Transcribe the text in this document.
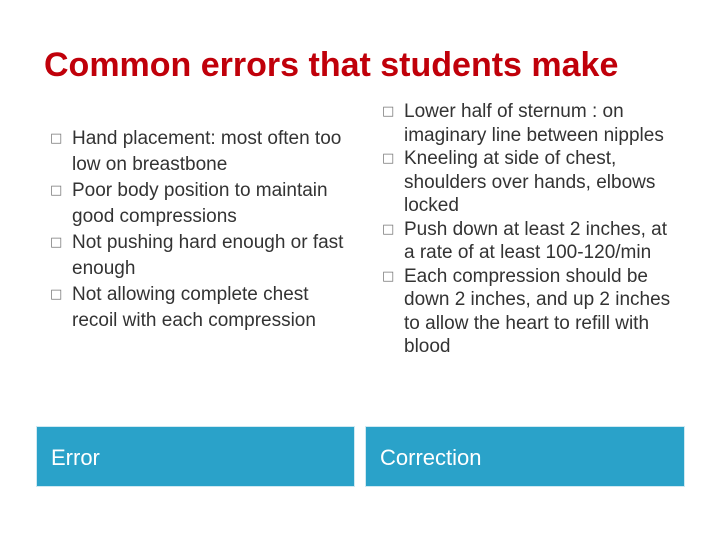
Common errors that students make
□ Hand placement: most often too low on breastbone
□ Poor body position to maintain good compressions
□ Not pushing hard enough or fast enough
□ Not allowing complete chest recoil with each compression
□ Lower half of sternum : on imaginary line between nipples
□ Kneeling at side of chest, shoulders over hands, elbows locked
□ Push down at least 2 inches, at a rate of at least 100-120/min
□ Each compression should be down 2 inches, and up 2 inches to allow the heart to refill with blood
Error	Correction
